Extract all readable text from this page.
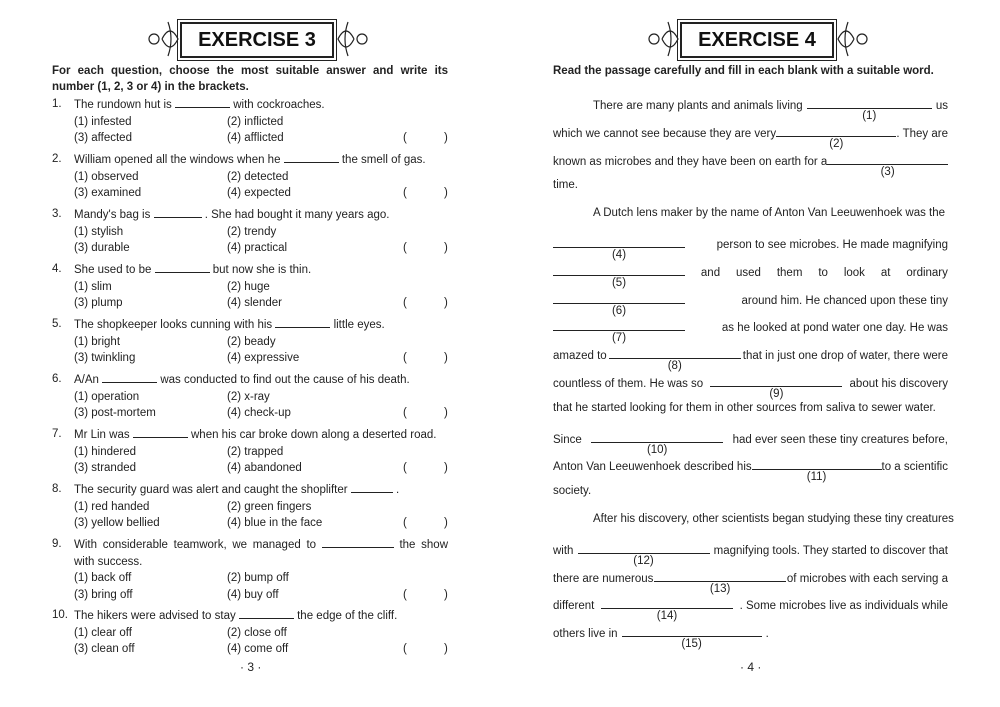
EXERCISE 3	EXERCISE 4
For each question, choose the most suitable answer and write its number (1, 2, 3 or 4) in the brackets.
Read the passage carefully and fill in each blank with a suitable word.
1. The rundown hut is	with cockroaches.
(1) infested	(2) inflicted
(3) affected	(4) afflicted	(	)
2. William opened all the windows when he	the smell of gas.
(1) observed	(2) detected
(3) examined	(4) expected	(	)
3. Mandy's bag is	. She had bought it many years ago.
(1) stylish	(2) trendy
(3) durable	(4) practical	(	)
4. She used to be	but now she is thin.
(1) slim	(2) huge
(3) plump	(4) slender	(	)
5. The shopkeeper looks cunning with his	little eyes.
(1) bright	(2) beady
(3) twinkling	(4) expressive	(	)
6. A/An	was conducted to find out the cause of his death.
(1) operation	(2) x-ray
(3) post-mortem	(4) check-up	(	)
7. Mr Lin was	when his car broke down along a deserted road.
(1) hindered	(2) trapped
(3) stranded	(4) abandoned	(	)
8. The security guard was alert and caught the shoplifter	.
(1) red handed	(2) green fingers
(3) yellow bellied	(4) blue in the face	(	)
9. With considerable teamwork, we managed to	the show with success.
(1) back off	(2) bump off
(3) bring off	(4) buy off	(	)
10. The hikers were advised to stay	the edge of the cliff.
(1) clear off	(2) close off
(3) clean off	(4) come off	(	)
There are many plants and animals living
(1)
us
which we cannot see because they are very
(2)
. They are
known as microbes and they have been on earth for a
(3)
time.
A Dutch lens maker by the name of Anton Van Leeuwenhoek was the
(4)
person to see microbes. He made magnifying
(5)
and used them to look at ordinary
(6)
around him. He chanced upon these tiny
(7)
as he looked at pond water one day. He was
amazed to
(8)
that in just one drop of water, there were
countless of them. He was so
(9)
about his discovery
that he started looking for them in other sources from saliva to sewer water.
Since
(10)
had ever seen these tiny creatures before,
Anton Van Leeuwenhoek described his
(11)
to a scientific
society.
After his discovery, other scientists began studying these tiny creatures
with
(12)
magnifying tools. They started to discover that
there are numerous
(13)
of microbes with each serving a
different
(14)
. Some microbes live as individuals while
others live in
(15)
.
· 3 ·	· 4 ·
